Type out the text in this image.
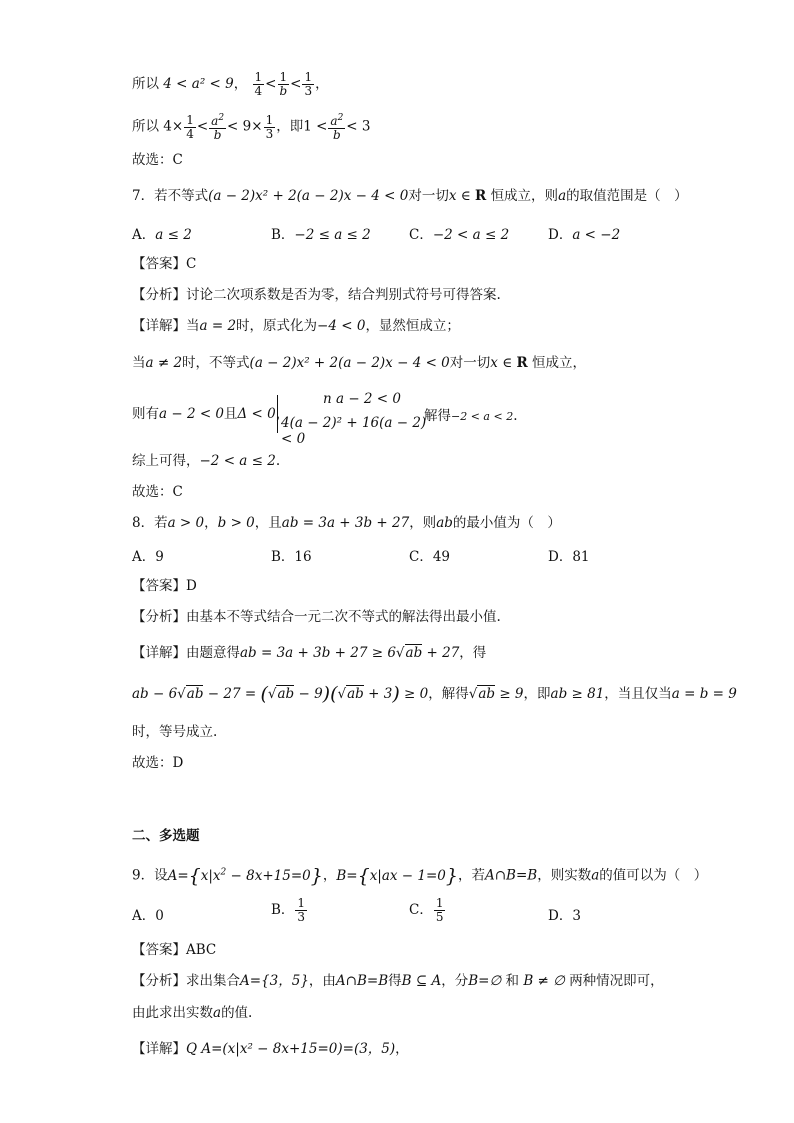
所以 4 < a² < 9， $\frac{1}{4} < \frac{1}{b} < \frac{1}{3}$ ，
所以 $4\times \frac{1}{4} < \frac{a^2}{b} < 9\times \frac{1}{3}$ ，即$1 < \frac{a^2}{b} < 3$
故选：C
7．若不等式(a − 2)x² + 2(a − 2)x − 4 < 0对一切x ∈ R 恒成立，则a的取值范围是（　）
A．a ≤ 2	B．−2 ≤ a ≤ 2	C．−2 < a ≤ 2	D．a < −2
【答案】C
【分析】讨论二次项系数是否为零，结合判别式符号可得答案.
【详解】当a = 2时，原式化为−4 < 0，显然恒成立；
当a ≠ 2时，不等式(a − 2)x² + 2(a − 2)x − 4 < 0对一切x ∈ R 恒成立，
则有a − 2 < 0且Δ < 0，
n a − 2 < 0
4(a − 2)² + 16(a − 2) < 0
解得−2 < a < 2.
综上可得，−2 < a ≤ 2.
故选：C
8．若a > 0，b > 0，且ab = 3a + 3b + 27，则ab的最小值为（　）
A．9	B．16	C．49	D．81
【答案】D
【分析】由基本不等式结合一元二次不等式的解法得出最小值.
【详解】由题意得ab = 3a + 3b + 27 ≥ 6√ab + 27，得
ab − 6√ab − 27 = (√ab − 9)(√ab + 3) ≥ 0，解得√ab ≥ 9，即ab ≥ 81，当且仅当a = b = 9
时，等号成立.
故选：D
二、多选题
9．设$A=\{x|x^2 - 8x+15=0\}$，B={x|ax − 1=0}，若A∩B=B，则实数a的值可以为（　）
A．0	B． $\frac{1}{3}$	C． $\frac{1}{5}$	D．3
【答案】ABC
【分析】求出集合A={3，5}，由A∩B=B得B ⊆ A，分B=∅ 和 B ≠ ∅ 两种情况即可，
由此求出实数a的值.
【详解】Q A=(x|x² − 8x+15=0)=(3，5)，
